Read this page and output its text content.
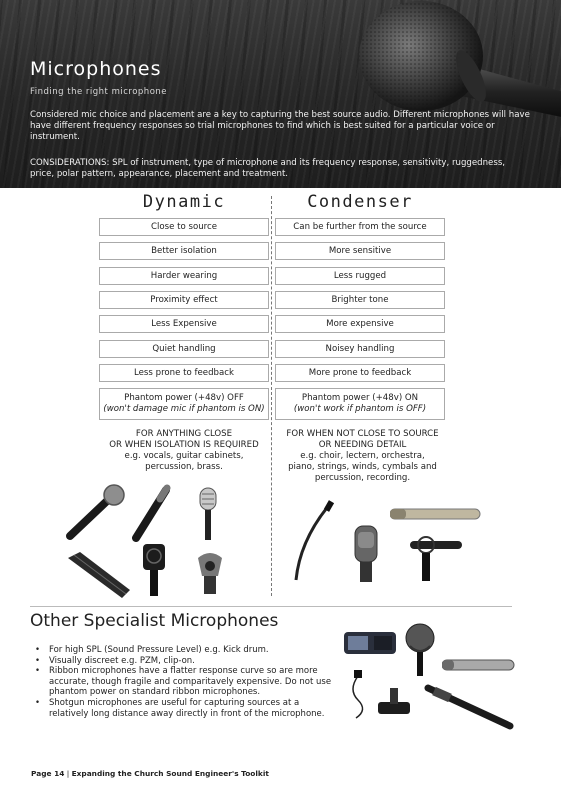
Microphones
Finding the right microphone
Considered mic choice and placement are a key to capturing the best source audio. Different microphones will have have different frequency responses so trial microphones to find which is best suited for a particular voice or instrument.
CONSIDERATIONS: SPL of instrument, type of microphone and its frequency response, sensitivity, ruggedness, price, polar pattern, appearance, placement and treatment.
Dynamic	Condenser
Close to source
Better isolation
Harder wearing
Proximity effect
Less Expensive
Quiet handling
Less prone to feedback
Can be further from the source
More sensitive
Less rugged
Brighter tone
More expensive
Noisey handling
More prone to feedback
Phantom power (+48v) OFF
(won't damage mic if phantom is ON)
Phantom power (+48v) ON
(won't work if phantom is OFF)
FOR ANYTHING CLOSE
OR WHEN ISOLATION IS REQUIRED
e.g. vocals, guitar cabinets,
percussion, brass.
FOR WHEN NOT CLOSE TO SOURCE
OR NEEDING DETAIL
e.g. choir, lectern, orchestra,
piano, strings, winds, cymbals and
percussion, recording.
Other Specialist Microphones
• For high SPL (Sound Pressure Level) e.g. Kick drum.
• Visually discreet e.g. PZM, clip-on.
• Ribbon microphones have a flatter response curve so are more accurate, though fragile and comparitavely expensive. Do not use phantom power on standard ribbon microphones.
• Shotgun microphones are useful for capturing sources at a relatively long distance away directly in front of the microphone.
Page 14 | Expanding the Church Sound Engineer's Toolkit
